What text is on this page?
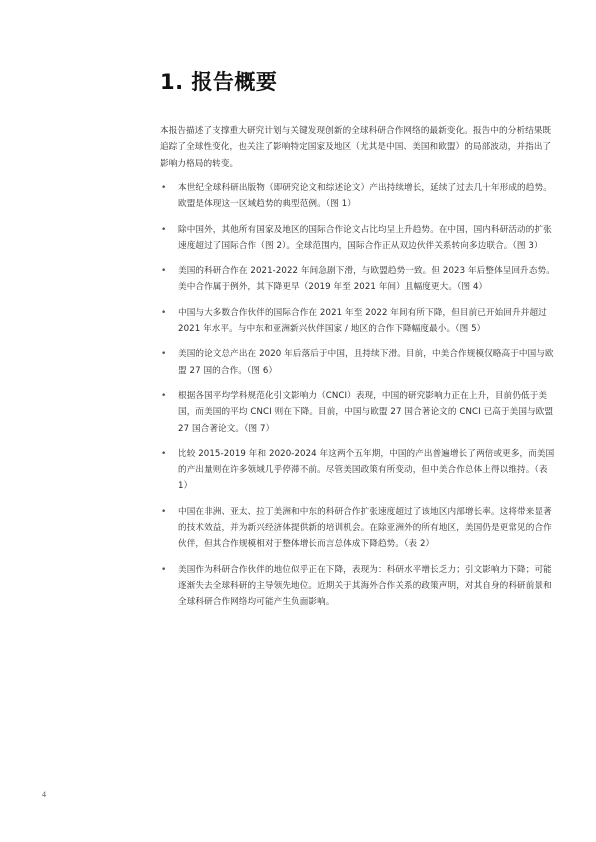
1. 报告概要

本报告描述了支撑重大研究计划与关键发现创新的全球科研合作网络的最新变化。报告中的分析结果既追踪了全球性变化，也关注了影响特定国家及地区（尤其是中国、美国和欧盟）的局部波动，并指出了影响力格局的转变。

• 本世纪全球科研出版物（即研究论文和综述论文）产出持续增长，延续了过去几十年形成的趋势。欧盟是体现这一区域趋势的典型范例。（图 1）
• 除中国外，其他所有国家及地区的国际合作论文占比均呈上升趋势。在中国，国内科研活动的扩张速度超过了国际合作（图 2）。全球范围内，国际合作正从双边伙伴关系转向多边联合。（图 3）
• 美国的科研合作在 2021-2022 年间急剧下滑，与欧盟趋势一致。但 2023 年后整体呈回升态势。美中合作属于例外，其下降更早（2019 年至 2021 年间）且幅度更大。（图 4）
• 中国与大多数合作伙伴的国际合作在 2021 年至 2022 年间有所下降，但目前已开始回升并超过 2021 年水平。与中东和亚洲新兴伙伴国家 / 地区的合作下降幅度最小。（图 5）
• 美国的论文总产出在 2020 年后落后于中国，且持续下滑。目前，中美合作规模仅略高于中国与欧盟 27 国的合作。（图 6）
• 根据各国平均学科规范化引文影响力（CNCI）表现，中国的研究影响力正在上升，目前仍低于美国，而美国的平均 CNCI 则在下降。目前，中国与欧盟 27 国合著论文的 CNCI 已高于美国与欧盟 27 国合著论文。（图 7）
• 比较 2015-2019 年和 2020-2024 年这两个五年期，中国的产出普遍增长了两倍或更多，而美国的产出量则在许多领域几乎停滞不前。尽管美国政策有所变动，但中美合作总体上得以维持。（表 1）
• 中国在非洲、亚太、拉丁美洲和中东的科研合作扩张速度超过了该地区内部增长率。这将带来显著的技术效益，并为新兴经济体提供新的培训机会。在除亚洲外的所有地区，美国仍是更常见的合作伙伴，但其合作规模相对于整体增长而言总体成下降趋势。（表 2）
• 美国作为科研合作伙伴的地位似乎正在下降，表现为：科研水平增长乏力；引文影响力下降；可能逐渐失去全球科研的主导领先地位。近期关于其海外合作关系的政策声明，对其自身的科研前景和全球科研合作网络均可能产生负面影响。
4
